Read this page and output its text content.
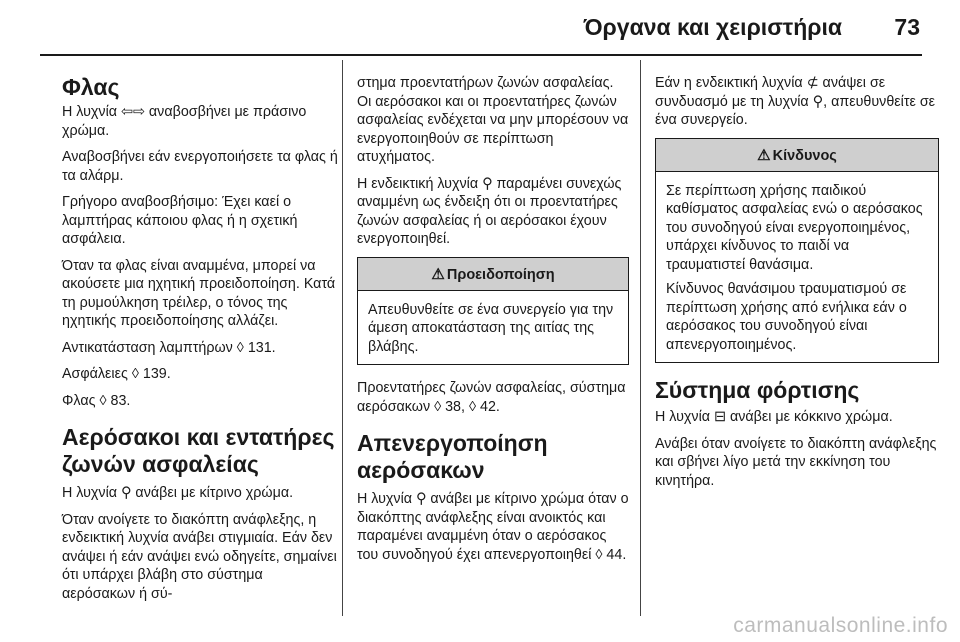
Όργανα και χειριστήρια 73
Φλας

Η λυχνία ⇦⇨ αναβοσβήνει με πράσινο χρώμα.

Αναβοσβήνει εάν ενεργοποιήσετε τα φλας ή τα αλάρμ.

Γρήγορο αναβοσβήσιμο: Έχει καεί ο λαμπτήρας κάποιου φλας ή η σχετική ασφάλεια.

Όταν τα φλας είναι αναμμένα, μπορεί να ακούσετε μια ηχητική προειδοποίηση. Κατά τη ρυμούλκηση τρέιλερ, ο τόνος της ηχητικής προειδοποίησης αλλάζει.

Αντικατάσταση λαμπτήρων ◊ 131.

Ασφάλειες ◊ 139.

Φλας ◊ 83.

Αερόσακοι και εντατήρες ζωνών ασφαλείας

Η λυχνία ⚲ ανάβει με κίτρινο χρώμα.

Όταν ανοίγετε το διακόπτη ανάφλεξης, η ενδεικτική λυχνία ανάβει στιγμιαία. Εάν δεν ανάψει ή εάν ανάψει ενώ οδηγείτε, σημαίνει ότι υπάρχει βλάβη στο σύστημα αερόσακων ή σύ-

στημα προεντατήρων ζωνών ασφαλείας. Οι αερόσακοι και οι προεντατήρες ζωνών ασφαλείας ενδέχεται να μην μπορέσουν να ενεργοποιηθούν σε περίπτωση ατυχήματος.

Η ενδεικτική λυχνία ⚲ παραμένει συνεχώς αναμμένη ως ένδειξη ότι οι προεντατήρες ζωνών ασφαλείας ή οι αερόσακοι έχουν ενεργοποιηθεί.

⚠ Προειδοποίηση
Απευθυνθείτε σε ένα συνεργείο για την άμεση αποκατάσταση της αιτίας της βλάβης.

Προεντατήρες ζωνών ασφαλείας, σύστημα αερόσακων ◊ 38, ◊ 42.

Απενεργοποίηση αερόσακων

Η λυχνία ⚲ ανάβει με κίτρινο χρώμα όταν ο διακόπτης ανάφλεξης είναι ανοικτός και παραμένει αναμμένη όταν ο αερόσακος του συνοδηγού έχει απενεργοποιηθεί ◊ 44.

Εάν η ενδεικτική λυχνία ⊄ ανάψει σε συνδυασμό με τη λυχνία ⚲, απευθυνθείτε σε ένα συνεργείο.

⚠ Κίνδυνος

Σε περίπτωση χρήσης παιδικού καθίσματος ασφαλείας ενώ ο αερόσακος του συνοδηγού είναι ενεργοποιημένος, υπάρχει κίνδυνος το παιδί να τραυματιστεί θανάσιμα.

Κίνδυνος θανάσιμου τραυματισμού σε περίπτωση χρήσης από ενήλικα εάν ο αερόσακος του συνοδηγού είναι απενεργοποιημένος.

Σύστημα φόρτισης

Η λυχνία ⊟ ανάβει με κόκκινο χρώμα.

Ανάβει όταν ανοίγετε το διακόπτη ανάφλεξης και σβήνει λίγο μετά την εκκίνηση του κινητήρα.

carmanualsonline.info
